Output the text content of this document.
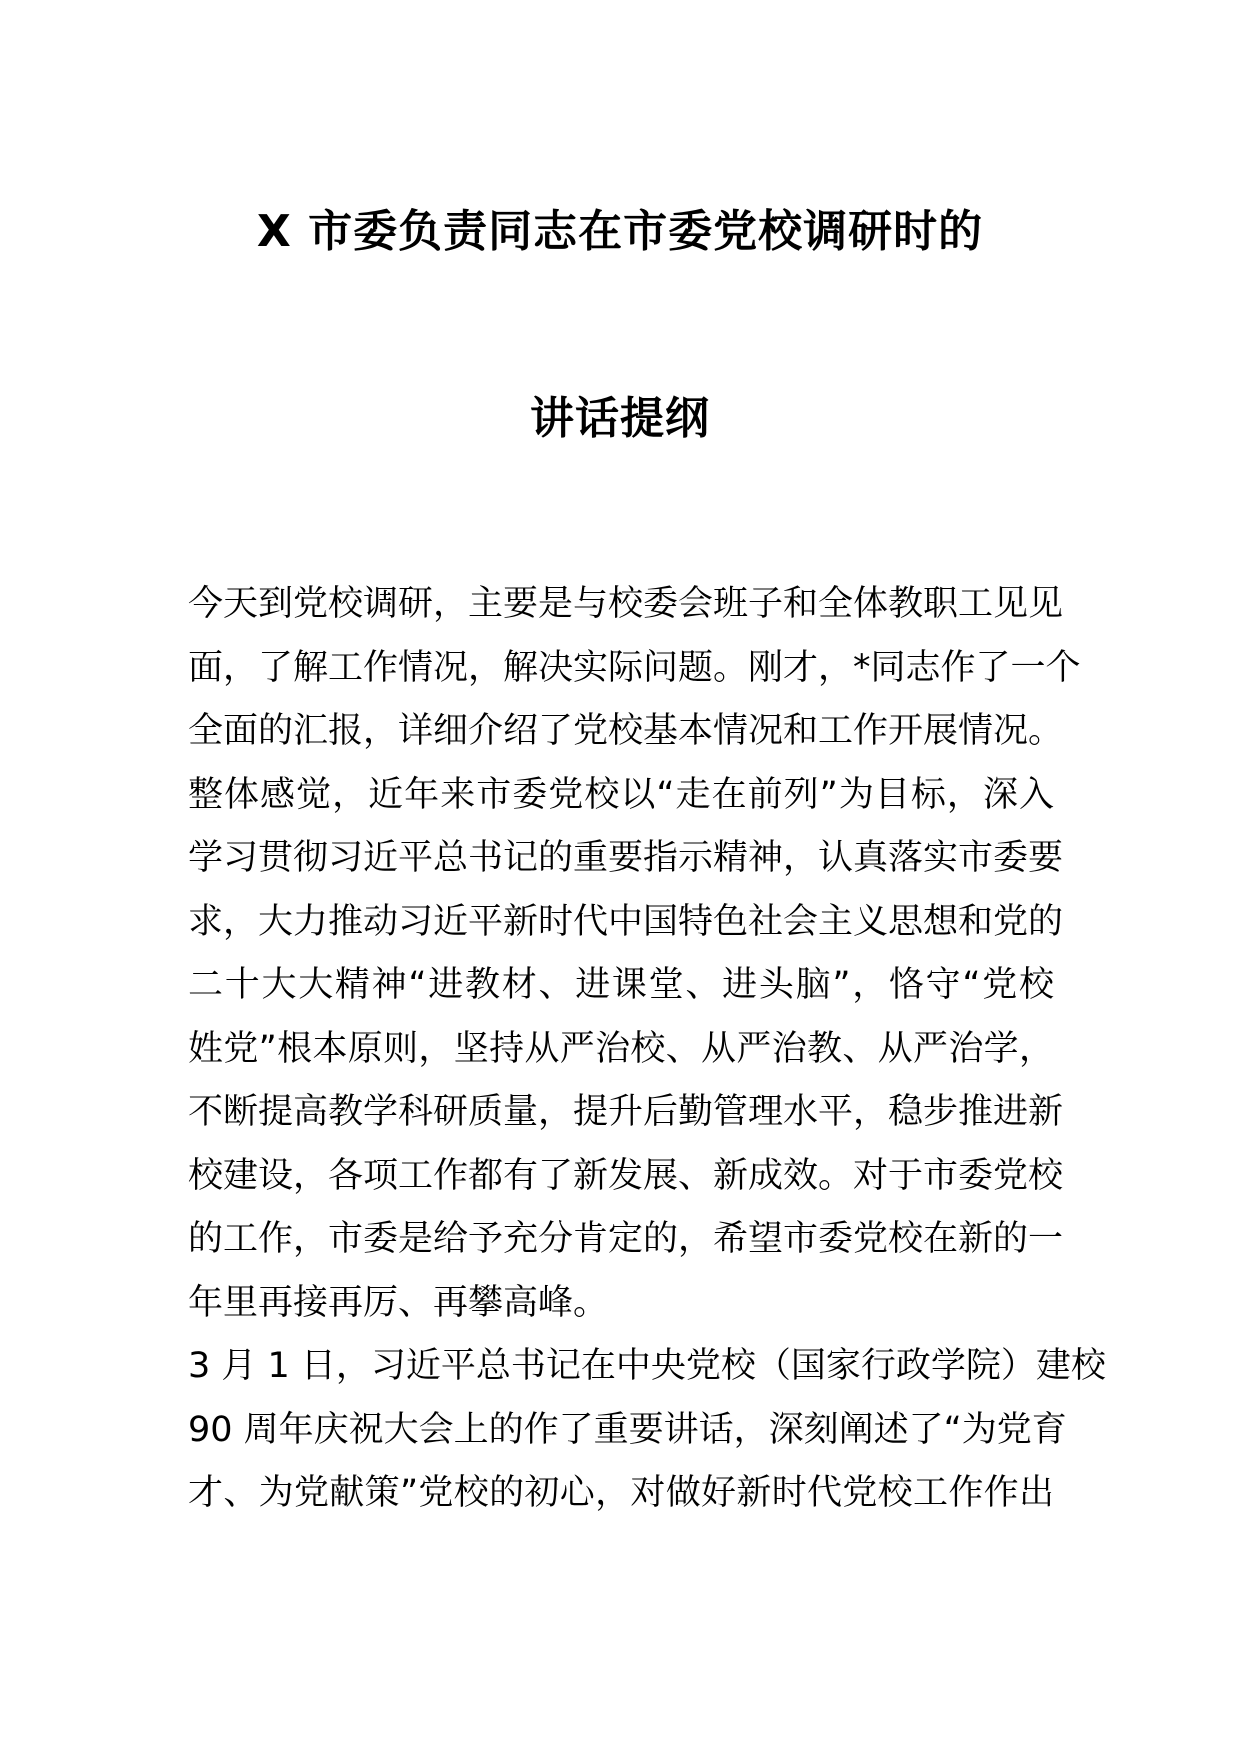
X 市委负责同志在市委党校调研时的
讲话提纲
今天到党校调研，主要是与校委会班子和全体教职工见见
面，了解工作情况，解决实际问题。刚才，*同志作了一个
全面的汇报，详细介绍了党校基本情况和工作开展情况。
整体感觉，近年来市委党校以“走在前列”为目标，深入
学习贯彻习近平总书记的重要指示精神，认真落实市委要
求，大力推动习近平新时代中国特色社会主义思想和党的
二十大大精神“进教材、进课堂、进头脑”，恪守“党校
姓党”根本原则，坚持从严治校、从严治教、从严治学，
不断提高教学科研质量，提升后勤管理水平，稳步推进新
校建设，各项工作都有了新发展、新成效。对于市委党校
的工作，市委是给予充分肯定的，希望市委党校在新的一
年里再接再厉、再攀高峰。
3 月 1 日，习近平总书记在中央党校（国家行政学院）建校
90 周年庆祝大会上的作了重要讲话，深刻阐述了“为党育
才、为党献策”党校的初心，对做好新时代党校工作作出
